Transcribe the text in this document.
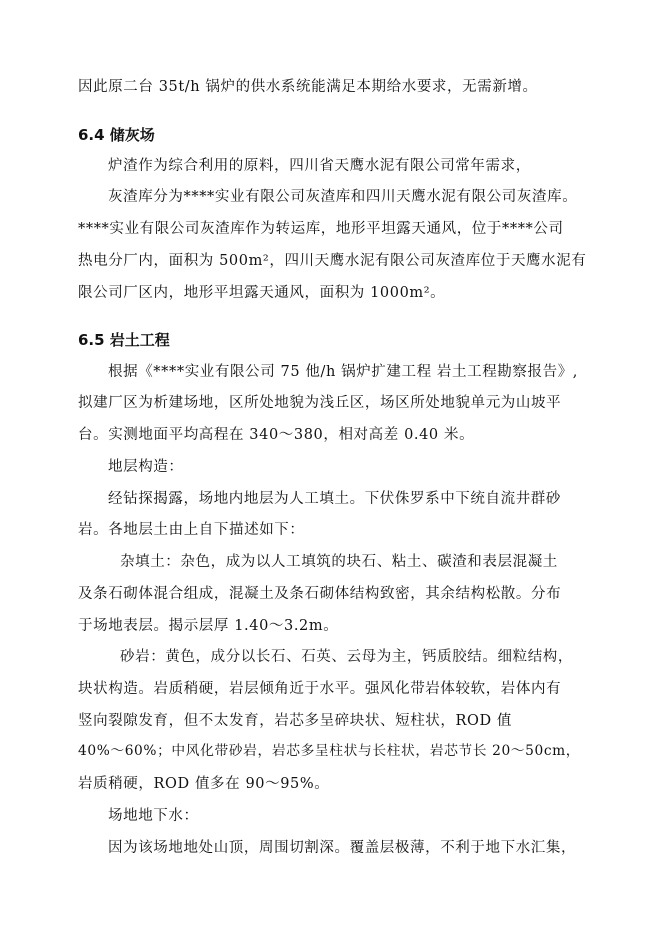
因此原二台 35t/h 锅炉的供水系统能满足本期给水要求，无需新增。
6.4 储灰场
炉渣作为综合利用的原料，四川省天鹰水泥有限公司常年需求，
灰渣库分为****实业有限公司灰渣库和四川天鹰水泥有限公司灰渣库。
****实业有限公司灰渣库作为转运库，地形平坦露天通风，位于****公司
热电分厂内，面积为 500m²，四川天鹰水泥有限公司灰渣库位于天鹰水泥有
限公司厂区内，地形平坦露天通风，面积为 1000m²。
6.5 岩土工程
根据《****实业有限公司 75 他/h 锅炉扩建工程 岩土工程勘察报告》,
拟建厂区为析建场地，区所处地貌为浅丘区，场区所处地貌单元为山坡平
台。实测地面平均高程在 340～380，相对高差 0.40 米。
地层构造：
经钻探揭露，场地内地层为人工填土。下伏侏罗系中下统自流井群砂
岩。各地层土由上自下描述如下：
杂填土：杂色，成为以人工填筑的块石、粘土、碳渣和表层混凝土
及条石砌体混合组成，混凝土及条石砌体结构致密，其余结构松散。分布
于场地表层。揭示层厚 1.40～3.2m。
砂岩：黄色，成分以长石、石英、云母为主，钙质胶结。细粒结构，
块状构造。岩质稍硬，岩层倾角近于水平。强风化带岩体较软，岩体内有
竖向裂隙发育，但不太发育，岩芯多呈碎块状、短柱状，ROD 值
40%～60%；中风化带砂岩，岩芯多呈柱状与长柱状，岩芯节长 20～50cm，
岩质稍硬，ROD 值多在 90～95%。
场地地下水：
因为该场地地处山顶，周围切割深。覆盖层极薄，不利于地下水汇集，
